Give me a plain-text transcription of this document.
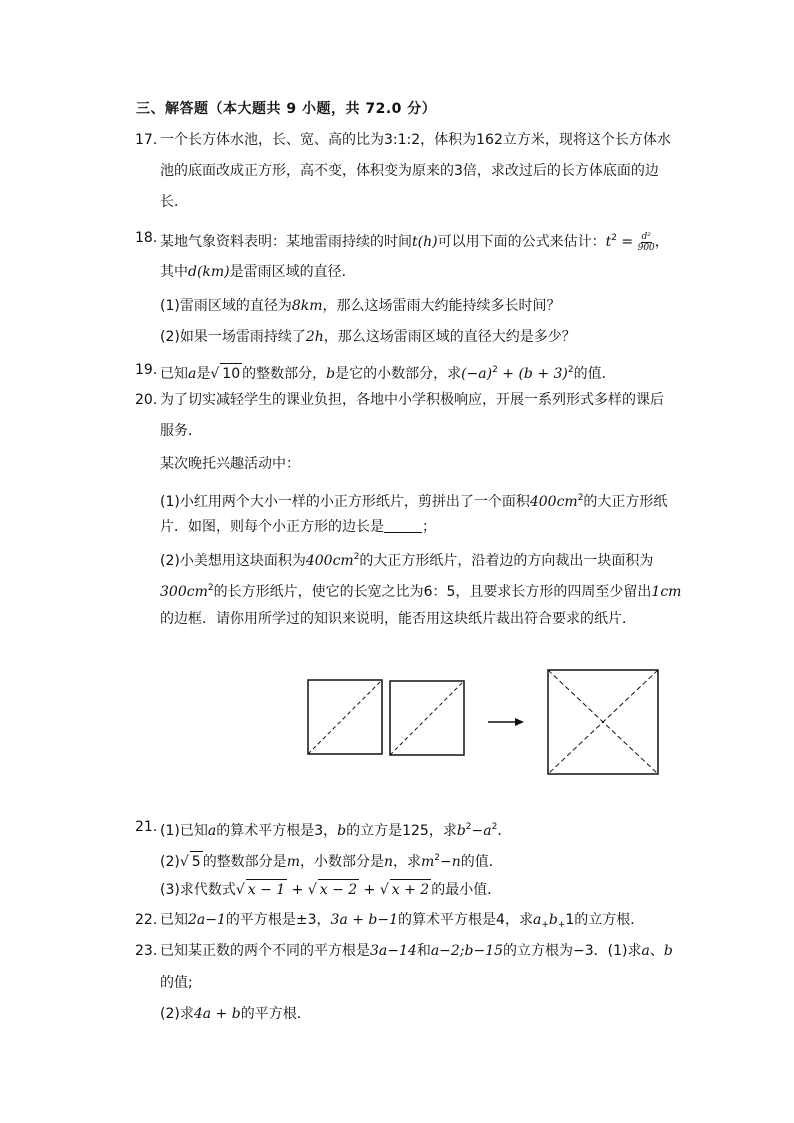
三、解答题（本大题共 9 小题，共 72.0 分）
17. 一个长方体水池，长、宽、高的比为3:1:2，体积为162立方米，现将这个长方体水
池的底面改成正方形，高不变，体积变为原来的3倍，求改过后的长方体底面的边
长．
18. 某地气象资料表明：某地雷雨持续的时间t(h)可以用下面的公式来估计：$t^2 = \frac{\text{d²}}{900}$ ，
其中d(km)是雷雨区域的直径．
(1)雷雨区域的直径为8km，那么这场雷雨大约能持续多长时间？
(2)如果一场雷雨持续了2h，那么这场雷雨区域的直径大约是多少？
19. 已知a是√ 10 的整数部分，b是它的小数部分，求$(-a)^2 + (b + 3)^2$的值．
20. 为了切实减轻学生的课业负担，各地中小学积极响应，开展一系列形式多样的课后
服务．
某次晚托兴趣活动中：
(1)小红用两个大小一样的小正方形纸片，剪拼出了一个面积$400cm^2$的大正方形纸
片．如图，则每个小正方形的边长是	；
(2)小美想用这块面积为$400cm^2$的大正方形纸片，沿着边的方向裁出一块面积为
$300cm^2$的长方形纸片，使它的长宽之比为6：5，且要求长方形的四周至少留出1cm
的边框．请你用所学过的知识来说明，能否用这块纸片裁出符合要求的纸片．
21. (1)已知a的算术平方根是3，b的立方是125，求$b^2-a^2$．
(2)√ 5 的整数部分是m，小数部分是n，求$m^2-n$的值．
(3)求代数式√ x − 1 + √ x − 2 + √ x + 2 的最小值．
22. 已知2a−1的平方根是±3，3a + b−1的算术平方根是4，求$a_+b_+1$的立方根．
23. 已知某正数的两个不同的平方根是3a−14和a−2;b−15的立方根为−3．(1)求a、b
的值;
(2)求4a + b的平方根．
